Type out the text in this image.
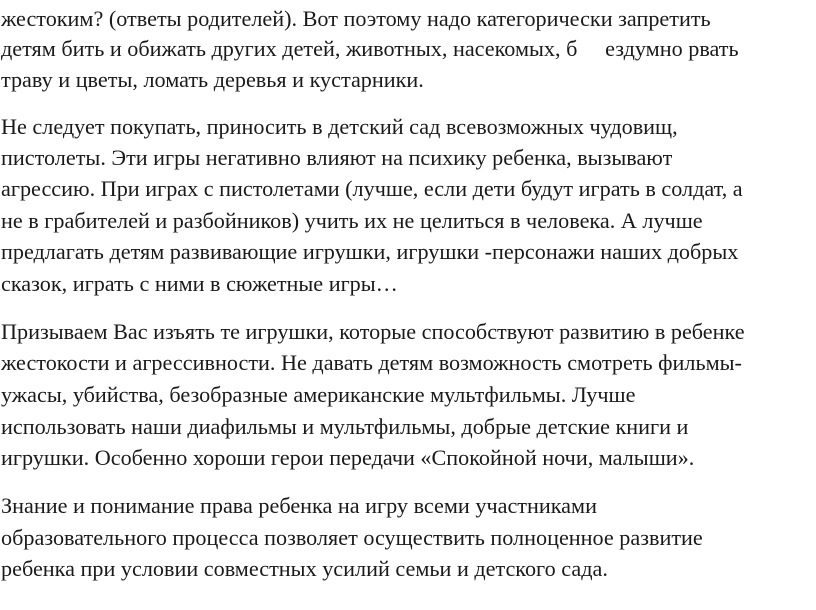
жестоким? (ответы родителей). Вот поэтому надо категорически запретить
детям бить и обижать других детей, животных, насекомых, б     ездумно рвать
траву и цветы, ломать деревья и кустарники.
Не следует покупать, приносить в детский сад всевозможных чудовищ,
пистолеты. Эти игры негативно влияют на психику ребенка, вызывают
агрессию. При играх с пистолетами (лучше, если дети будут играть в солдат, а
не в грабителей и разбойников) учить их не целиться в человека. А лучше
предлагать детям развивающие игрушки, игрушки -персонажи наших добрых
сказок, играть с ними в сюжетные игры…
Призываем Вас изъять те игрушки, которые способствуют развитию в ребенке
жестокости и агрессивности. Не давать детям возможность смотреть фильмы-
ужасы, убийства, безобразные американские мультфильмы. Лучше
использовать наши диафильмы и мультфильмы, добрые детские книги и
игрушки. Особенно хороши герои передачи «Спокойной ночи, малыши».
Знание и понимание права ребенка на игру всеми участниками
образовательного процесса позволяет осуществить полноценное развитие
ребенка при условии совместных усилий семьи и детского сада.
